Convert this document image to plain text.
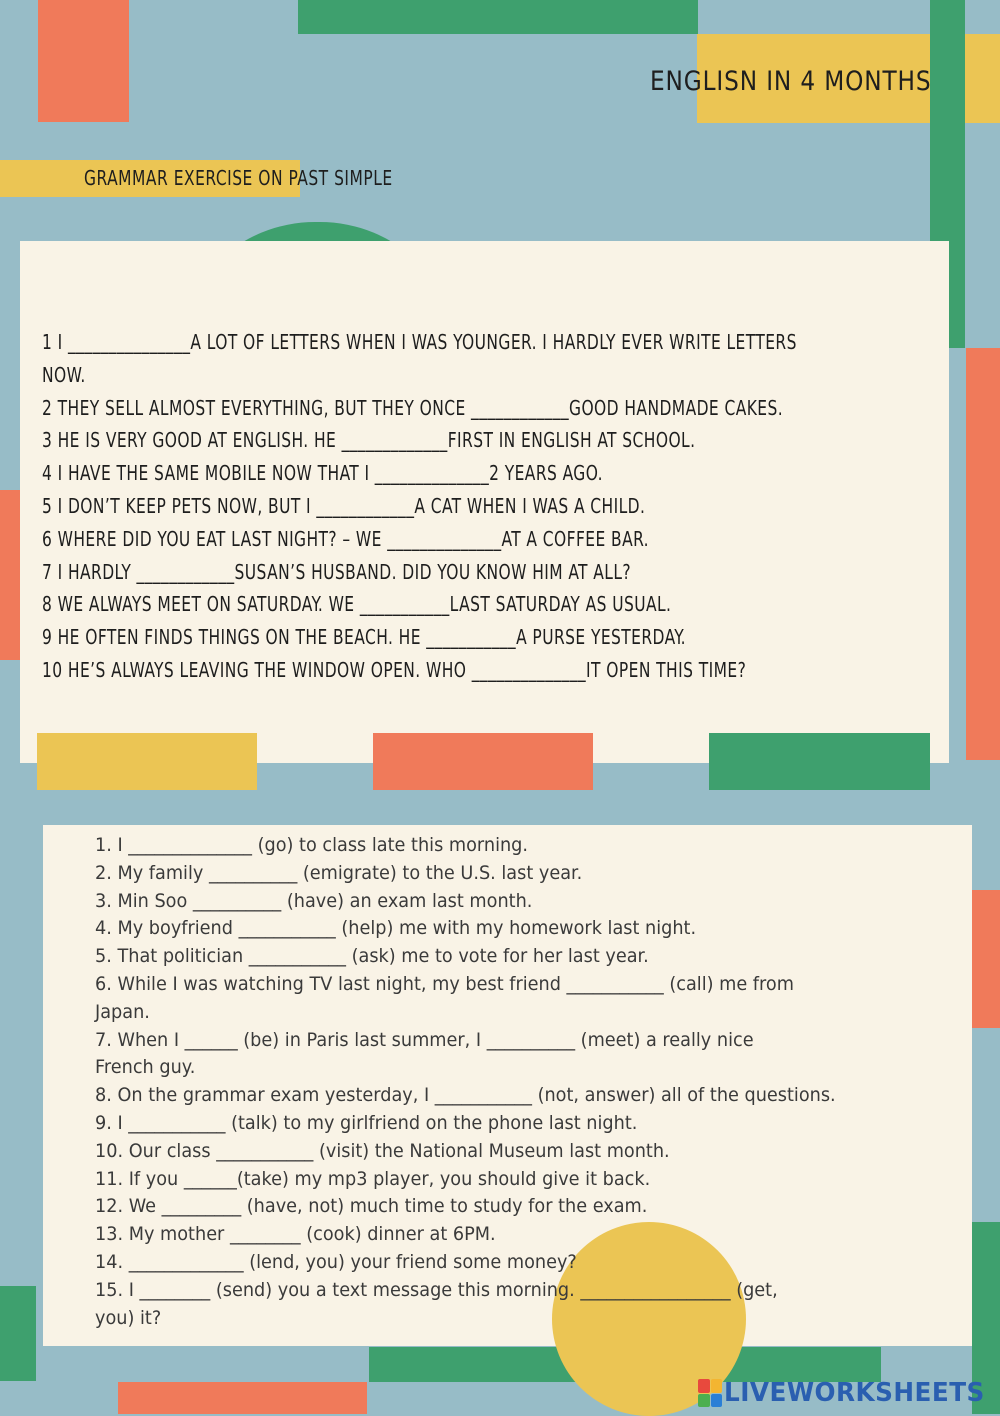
1 I _______________A LOT OF LETTERS WHEN I WAS YOUNGER. I HARDLY EVER WRITE LETTERS
NOW.
2 THEY SELL ALMOST EVERYTHING, BUT THEY ONCE ____________GOOD HANDMADE CAKES.
3 HE IS VERY GOOD AT ENGLISH. HE _____________FIRST IN ENGLISH AT SCHOOL.
4 I HAVE THE SAME MOBILE NOW THAT I ______________2 YEARS AGO.
5 I DON’T KEEP PETS NOW, BUT I ____________A CAT WHEN I WAS A CHILD.
6 WHERE DID YOU EAT LAST NIGHT? – WE ______________AT A COFFEE BAR.
7 I HARDLY ____________SUSAN’S HUSBAND. DID YOU KNOW HIM AT ALL?
8 WE ALWAYS MEET ON SATURDAY. WE ___________LAST SATURDAY AS USUAL.
9 HE OFTEN FINDS THINGS ON THE BEACH. HE ___________A PURSE YESTERDAY.
10 HE’S ALWAYS LEAVING THE WINDOW OPEN. WHO ______________IT OPEN THIS TIME?
1. I ______________ (go) to class late this morning.
2. My family __________ (emigrate) to the U.S. last year.
3. Min Soo __________ (have) an exam last month.
4. My boyfriend ___________ (help) me with my homework last night.
5. That politician ___________ (ask) me to vote for her last year.
6. While I was watching TV last night, my best friend ___________ (call) me from
Japan.
7. When I ______ (be) in Paris last summer, I __________ (meet) a really nice
French guy.
8. On the grammar exam yesterday, I ___________ (not, answer) all of the questions.
9. I ___________ (talk) to my girlfriend on the phone last night.
10. Our class ___________ (visit) the National Museum last month.
11. If you ______(take) my mp3 player, you should give it back.
12. We _________ (have, not) much time to study for the exam.
13. My mother ________ (cook) dinner at 6PM.
14. _____________ (lend, you) your friend some money?
15. I ________ (send) you a text message this morning. _________________ (get,
you) it?
ENGLISN IN 4 MONTHS
GRAMMAR EXERCISE ON PAST SIMPLE
LIVEWORKSHEETS
